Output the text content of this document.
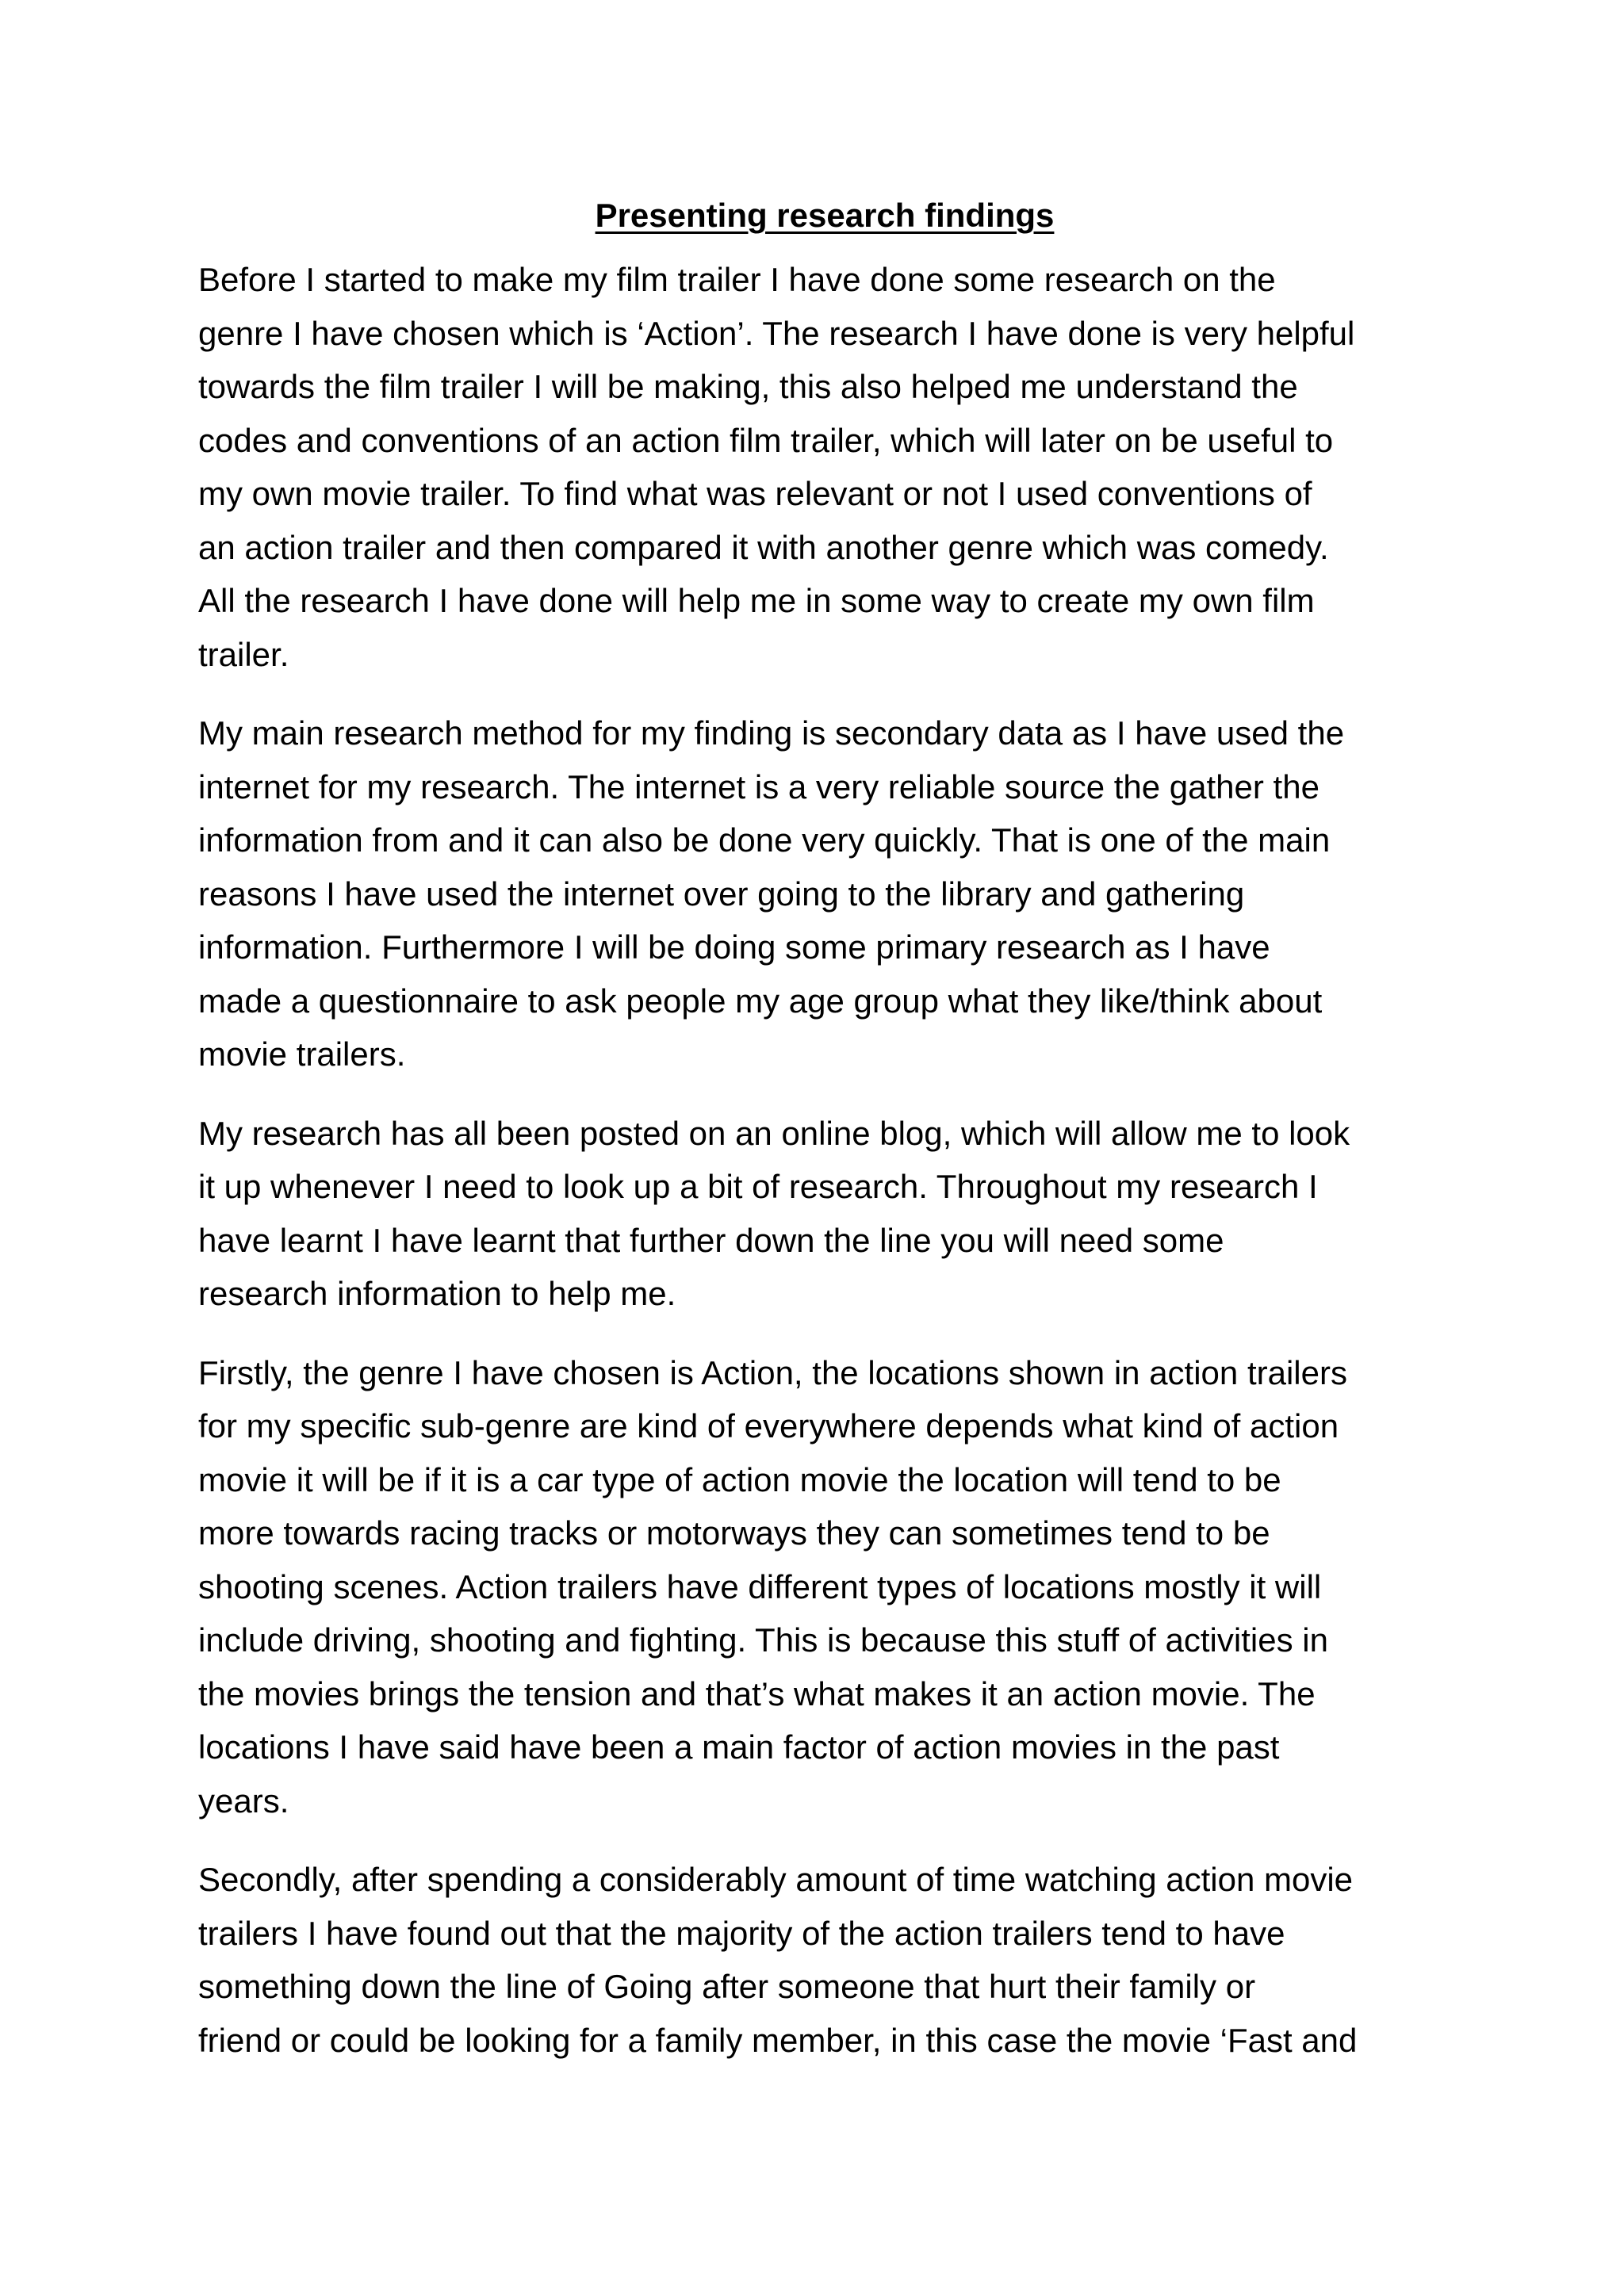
Presenting research findings
Before I started to make my film trailer I have done some research on the
genre I have chosen which is ‘Action’. The research I have done is very helpful
towards the film trailer I will be making, this also helped me understand the
codes and conventions of an action film trailer, which will later on be useful to
my own movie trailer. To find what was relevant or not I used conventions of
an action trailer and then compared it with another genre which was comedy.
All the research I have done will help me in some way to create my own film
trailer.
My main research method for my finding is secondary data as I have used the
internet for my research. The internet is a very reliable source the gather the
information from and it can also be done very quickly. That is one of the main
reasons I have used the internet over going to the library and gathering
information. Furthermore I will be doing some primary research as I have
made a questionnaire to ask people my age group what they like/think about
movie trailers.
My research has all been posted on an online blog, which will allow me to look
it up whenever I need to look up a bit of research. Throughout my research I
have learnt I have learnt that further down the line you will need some
research information to help me.
Firstly, the genre I have chosen is Action, the locations shown in action trailers
for my specific sub-genre are kind of everywhere depends what kind of action
movie it will be if it is a car type of action movie the location will tend to be
more towards racing tracks or motorways they can sometimes tend to be
shooting scenes. Action trailers have different types of locations mostly it will
include driving, shooting and fighting. This is because this stuff of activities in
the movies brings the tension and that’s what makes it an action movie. The
locations I have said have been a main factor of action movies in the past
years.
Secondly, after spending a considerably amount of time watching action movie
trailers I have found out that the majority of the action trailers tend to have
something down the line of Going after someone that hurt their family or
friend or could be looking for a family member, in this case the movie ‘Fast and
